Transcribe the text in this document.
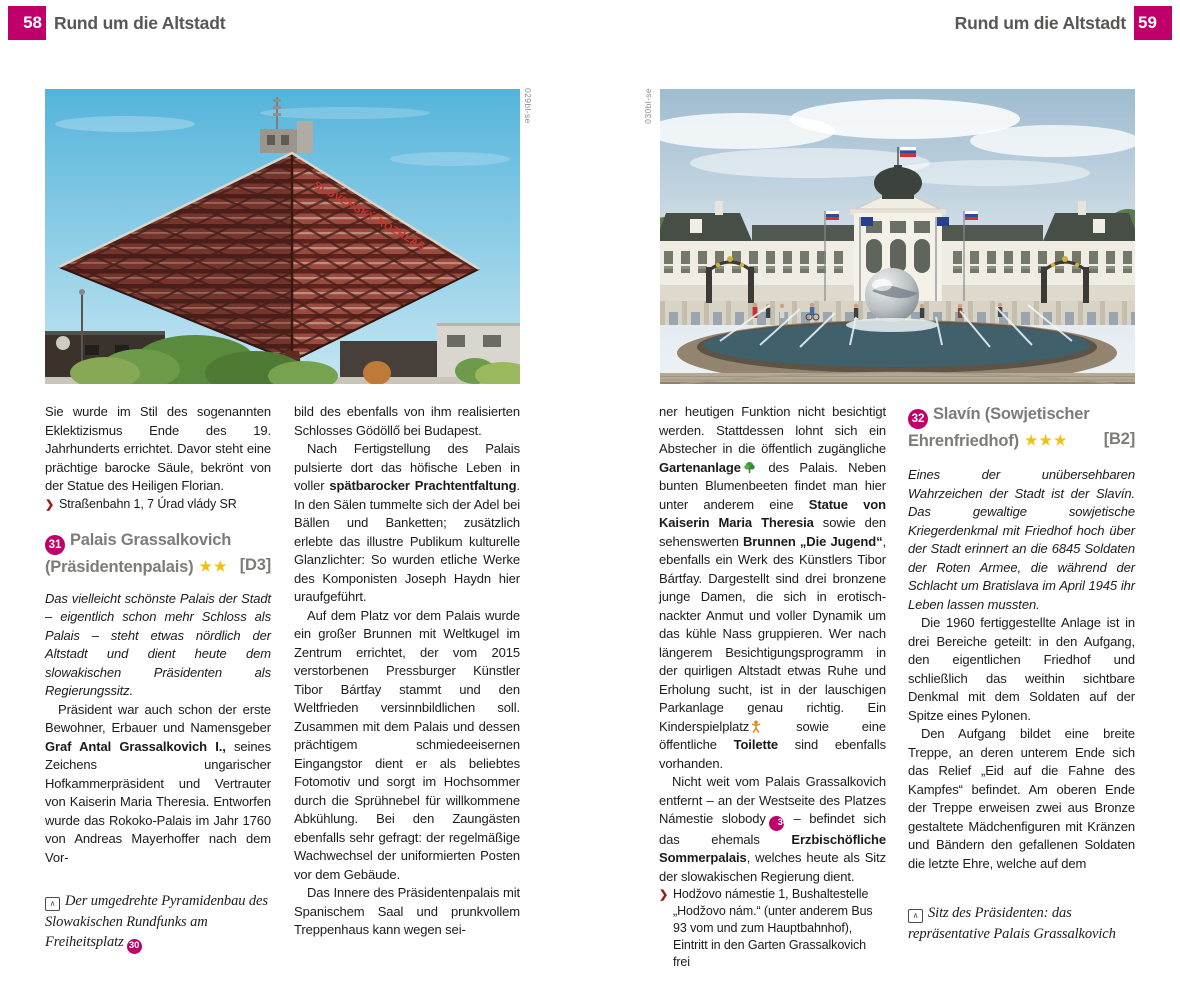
58 Rund um die Altstadt	59
Rund um die Altstadt
SLOVENSKÝ ROZHLAS
029bl-se	030bl-se

Sie wurde im Stil des sogenannten Eklektizismus Ende des 19. Jahrhunderts errichtet. Davor steht eine prächtige barocke Säule, bekrönt von der Statue des Heiligen Florian.

❯ Straßenbahn 1, 7 Úrad vlády SR

31 Palais Grassalkovich (Präsidentenpalais) ★★ [D3]

Das vielleicht schönste Palais der Stadt – eigentlich schon mehr Schloss als Palais – steht etwas nördlich der Altstadt und dient heute dem slowakischen Präsidenten als Regierungssitz.

Präsident war auch schon der erste Bewohner, Erbauer und Namensgeber Graf Antal Grassalkovich I., seines Zeichens ungarischer Hofkammerpräsident und Vertrauter von Kaiserin Maria Theresia. Entworfen wurde das Rokoko-Palais im Jahr 1760 von Andreas Mayerhoffer nach dem Vor-

∧ Der umgedrehte Pyramidenbau des Slowakischen Rundfunks am Freiheitsplatz 30

bild des ebenfalls von ihm realisierten Schlosses Gödöllő bei Budapest.

Nach Fertigstellung des Palais pulsierte dort das höfische Leben in voller spätbarocker Prachtentfaltung. In den Sälen tummelte sich der Adel bei Bällen und Banketten; zusätzlich erlebte das illustre Publikum kulturelle Glanzlichter: So wurden etliche Werke des Komponisten Joseph Haydn hier uraufgeführt.

Auf dem Platz vor dem Palais wurde ein großer Brunnen mit Weltkugel im Zentrum errichtet, der vom 2015 verstorbenen Pressburger Künstler Tibor Bártfay stammt und den Weltfrieden versinnbildlichen soll. Zusammen mit dem Palais und dessen prächtigem schmiedeeisernen Eingangstor dient er als beliebtes Fotomotiv und sorgt im Hochsommer durch die Sprühnebel für willkommene Abkühlung. Bei den Zaungästen ebenfalls sehr gefragt: der regelmäßige Wachwechsel der uniformierten Posten vor dem Gebäude.

Das Innere des Präsidentenpalais mit Spanischem Saal und prunkvollem Treppenhaus kann wegen sei-

ner heutigen Funktion nicht besichtigt werden. Stattdessen lohnt sich ein Abstecher in die öffentlich zugängliche Gartenanlage des Palais. Neben bunten Blumenbeeten findet man hier unter anderem eine Statue von Kaiserin Maria Theresia sowie den sehenswerten Brunnen „Die Jugend“, ebenfalls ein Werk des Künstlers Tibor Bártfay. Dargestellt sind drei bronzene junge Damen, die sich in erotisch-nackter Anmut und voller Dynamik um das kühle Nass gruppieren. Wer nach längerem Besichtigungsprogramm in der quirligen Altstadt etwas Ruhe und Erholung sucht, ist in der lauschigen Parkanlage genau richtig. Ein Kinderspielplatz sowie eine öffentliche Toilette sind ebenfalls vorhanden.

Nicht weit vom Palais Grassalkovich entfernt – an der Westseite des Platzes Námestie slobody 30 – befindet sich das ehemals Erzbischöfliche Sommerpalais, welches heute als Sitz der slowakischen Regierung dient.

❯ Hodžovo námestie 1, Bushaltestelle „Hodžovo nám.“ (unter anderem Bus 93 vom und zum Hauptbahnhof), Eintritt in den Garten Grassalkovich frei

32 Slavín (Sowjetischer Ehrenfriedhof) ★★★ [B2]

Eines der unübersehbaren Wahrzeichen der Stadt ist der Slavín. Das gewaltige sowjetische Kriegerdenkmal mit Friedhof hoch über der Stadt erinnert an die 6845 Soldaten der Roten Armee, die während der Schlacht um Bratislava im April 1945 ihr Leben lassen mussten.

Die 1960 fertiggestellte Anlage ist in drei Bereiche geteilt: in den Aufgang, den eigentlichen Friedhof und schließlich das weithin sichtbare Denkmal mit dem Soldaten auf der Spitze eines Pylonen.

Den Aufgang bildet eine breite Treppe, an deren unterem Ende sich das Relief „Eid auf die Fahne des Kampfes“ befindet. Am oberen Ende der Treppe erweisen zwei aus Bronze gestaltete Mädchenfiguren mit Kränzen und Bändern den gefallenen Soldaten die letzte Ehre, welche auf dem

∧ Sitz des Präsidenten: das repräsentative Palais Grassalkovich
